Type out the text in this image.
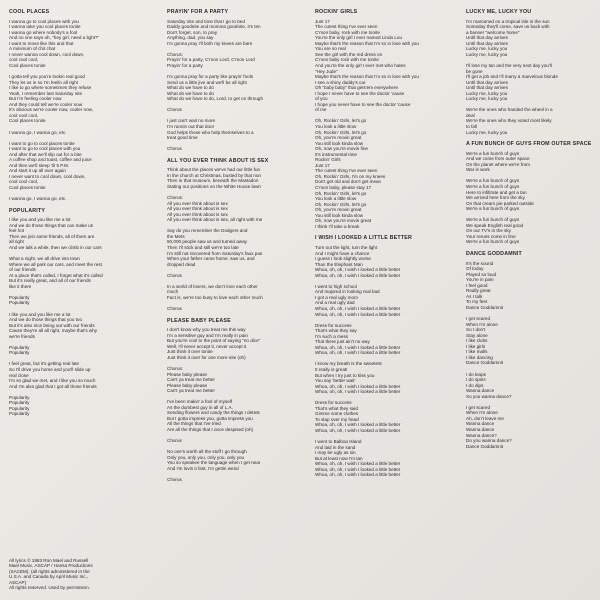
COOL PLACES
I wanna go to cool places with you
I wanna take you cool places tonite
I wanna go where nobody's a fool
And no one says uh, "hey girl, need a light?"
I want to move like this and that
A minimum of chit chat
I never wanna cool down, cool down,
cool cool cool,
Cool places tonite
I gotta tell you you're lookin real good
They let us in so I'm feelin all right
I like to go where sometimes they refuse
Yeah, I remember last Saturday nite
But I'm feeling cooler now
And they could tell we're cooler now
It's obvious we're cooler now, cooler now,
cool cool cool,
Cool places tonite
I wanna go, I wanna go, etc.
I want to go to cool places tonite
I want to go to cool places with you
And after that we'll slip out for a bite
A coffee shop and toast, coffee and juice
And then we'll sleep 'til 5 P.M.
And start it up all over again
I never want to cool down, cool down,
cool cool cool,
Cool places tonite
I wanna go, I wanna go, etc.
POPULARITY
I like you and you like me a lot
And we do those things that can make us
feel hot
Then we join some friends, all of them are
all right
And we talk a while, then we climb in our cars
What a night, we all drive into town
Where we all park our cars, and meet the rest
of our friends
At a place that's called, I forget what it's called
But it's really great, and all of our friends
like it there
Popularity
Popularity
I like you and you like me a lot
And we do those things that you too
But it's also nice being out with our friends
Cause they're all all right, maybe that's why
we're friends
Popularity
Popularity
I feel great, but it's getting real late
So I'll drive you home and you'll slide up
real close
I'm so glad we met, and I like you so much
And I'm also glad that I got all those friends
Popularity
Popularity
Popularity
Popularity
All lyrics © 1983 Ron Mael and Russell
Mael Music, ASCAP / Hansa Productions
(SACEM). (all rights administered in the
U.S.A. and Canada by April Music Inc.,
ASCAP)
All rights reserved. Used by permission.
PRAYIN' FOR A PARTY
Saturday nite and time that I go to bed
Daddy goodnite and momma goodnite, it's ten
Don't forget, son, to pray
Anything, dad, you say
I'm gonna pray I'll both my knees are bare
Chorus:
Prayin' for a party, C'mon Lord, C'mon Lord
Prayin' for a party
I'm gonna pray for a party like prayin' fools
Send us a little jive and we'll be all right
What do we have to do
What do we have to do
What do we have to do, Lord, to get on through
Chorus
I just can't wait no more
I'm runnin out that door
God helps those who help themselves to a
treat good time
Chorus
ALL YOU EVER THINK ABOUT IS SEX
Think about the places we've had our little fun
In the church at Christmas, busted by that nun
Then in that museum, beneath the Mastadon
Stating our positions on the White House lawn
Chorus:
All you ever think about is sex
All you ever think about is sex
All you ever think about is sex
All you ever think about is sex, all right with me
Say do you remember the Dodgers and
the Mets
50,000 people saw us and turned away
Then I'll stick and still we're too late
I'm still not recovered from Saturday's faux pas
When your father came home, saw us, and
dropped dead
Chorus
In a world of lovers, we don't love each other
much
Fact is, we're too busy to love each other much
Chorus
PLEASE BABY PLEASE
I don't know why you treat me this way
I'm a sensitive guy and I'm really in pain
But you're cool to the point of saying "no dice"
Well, I'll never accept it, never accept it
Just think it over tonite
Just think it over for one more nite (oh)
Chorus:
Please baby please
Can't ya treat me better
Please baby please
Can't ya treat me better
I've been makin' a fool of myself
As the dumbest guy in all of L.A.
Sending flowers and candy the things I detest
But I gotta impress you, gotta impress you
All the things that I've tried
Are all the things that I once despised (oh)
Chorus
No one's worth all the stuff I go through
Only you, only you, only you, only you
You so speakee the language when I get near
And I'm lovin it fast, I'm gettin weird
Chorus
ROCKIN' GIRLS
Just 17
The cutest thing I've ever seen
C'mon baby, rock with me tonite
You're the only girl I ever named Linda Lou
Maybe that's the reason that I'm so in love with you
You are so real
See the girl with the red dress on
C'mon baby rock with me tonite
And you're the only girl I ever met who hates
"Hey Jude"
Maybe that's the reason that I'm so in love with you
I see a shiny daddy's car
Oh "baby baby" that gets'em everywhere
I hope I never have to see the doctor 'cause
of you
I hope you never have to see the doctor 'cause
of me
Oh, Rockin' Girls, let's go
You look a little slow
Oh, Rockin' Girls, let's go
Oh, you're movin great
You still look kinda slow
Oh, now you're movin fine
It's instrumental time
Rockin' Girls
Just 17
The cutest thing I've ever seen
Oh, Rockin' Girls, I'm on my knees
Don't get old and don't get mean
C'mon baby, please stay 17
Oh, Rockin' Girls, let's go
You look a little slow
Oh, Rockin' Girls, let's go
Oh, you're movin great
You still look kinda slow
Oh, now you're movin great
I think I'll take a break
I WISH I LOOKED A LITTLE BETTER
Turn out the light, turn the light
And I might have a chance
I guess I look slightly worse
Than the Elephant Man
Whoa, oh, oh, I wish I looked a little better
Whoa, oh, oh, I wish I looked a little better
I went to high school
And majored in looking real bad
I got a real ugly mom
And a real ugly dad
Whoa, oh, oh, I wish I looked a little better
Whoa, oh, oh, I wish I looked a little better
Dress for success
That's what they say
I'm such a mess
That there just ain't no way
Whoa, oh, oh, I wish I looked a little better
Whoa, oh, oh, I wish I looked a little better
I know my breath is the sweetest
It really is great!
But when I try just to kiss you
You say 'better wait'
Whoa, oh, oh, I wish I looked a little better
Whoa, oh, oh, I wish I looked a little better
Dress for success
That's what they said
Gimme some clothes
To slap over my head
Whoa, oh, oh, I wish I looked a little better
Whoa, oh, oh, I wish I looked a little better
I went to Balboa Island
And laid in the sand
I may be ugly as sin
But at least now I'm tan
Whoa, oh, oh, I wish I looked a little better
Whoa, oh, oh, I wish I looked a little better
Whoa, oh, oh, I wish I looked a little better
LUCKY ME, LUCKY YOU
I'm marooned on a tropical isle in the sun
Someday they'll come, save us back with
a banner "welcome home"
Until that day arrives
Until that day arrives
Lucky me, lucky you
Lucky me, lucky you
I'll lose my tan and the very next day you'll
be gone
I'll get a job and I'll marry a marvelous blonde
Until that day arrives
Until that day arrives
Lucky me, lucky you
Lucky me, lucky you
We're the ones who handed the wheel in a
deal
We're the ones who they voted most likely
to fall
Lucky me, lucky you
A FUN BUNCH OF GUYS FROM OUTER SPACE
We're a fun bunch of guys
And we come from outer space
On the planet where we're from
War is work
We're a fun bunch of guys
We're a fun bunch of guys
Here to infiltrate and get a tan
We arrived here from the sky
On that cream pie parked outside
We're a fun bunch of guys
We're a fun bunch of guys
We speak English real good
On our TV's in the sky
Your reruns come in fine
We're a fun bunch of guys
DANCE GODDAMNIT
It's the sound
Of today
Played so loud
You're in pain
I feel good
Really great
As I talk
To my feet
Dance Goddamnit
I get scared
When I'm alone
So I don't
Stay alone
I like clubs
I like girls
I like malls
I like dancing
Dance Goddamnit
I do leaps
I do spins
I do dips
Wanna dance
So you wanna dance?
I get scared
When I'm alone
Ah, don't leave me
Wanna dance
Wanna dance
Wanna dance?
Do you wanna dance?
Dance Goddamnit
